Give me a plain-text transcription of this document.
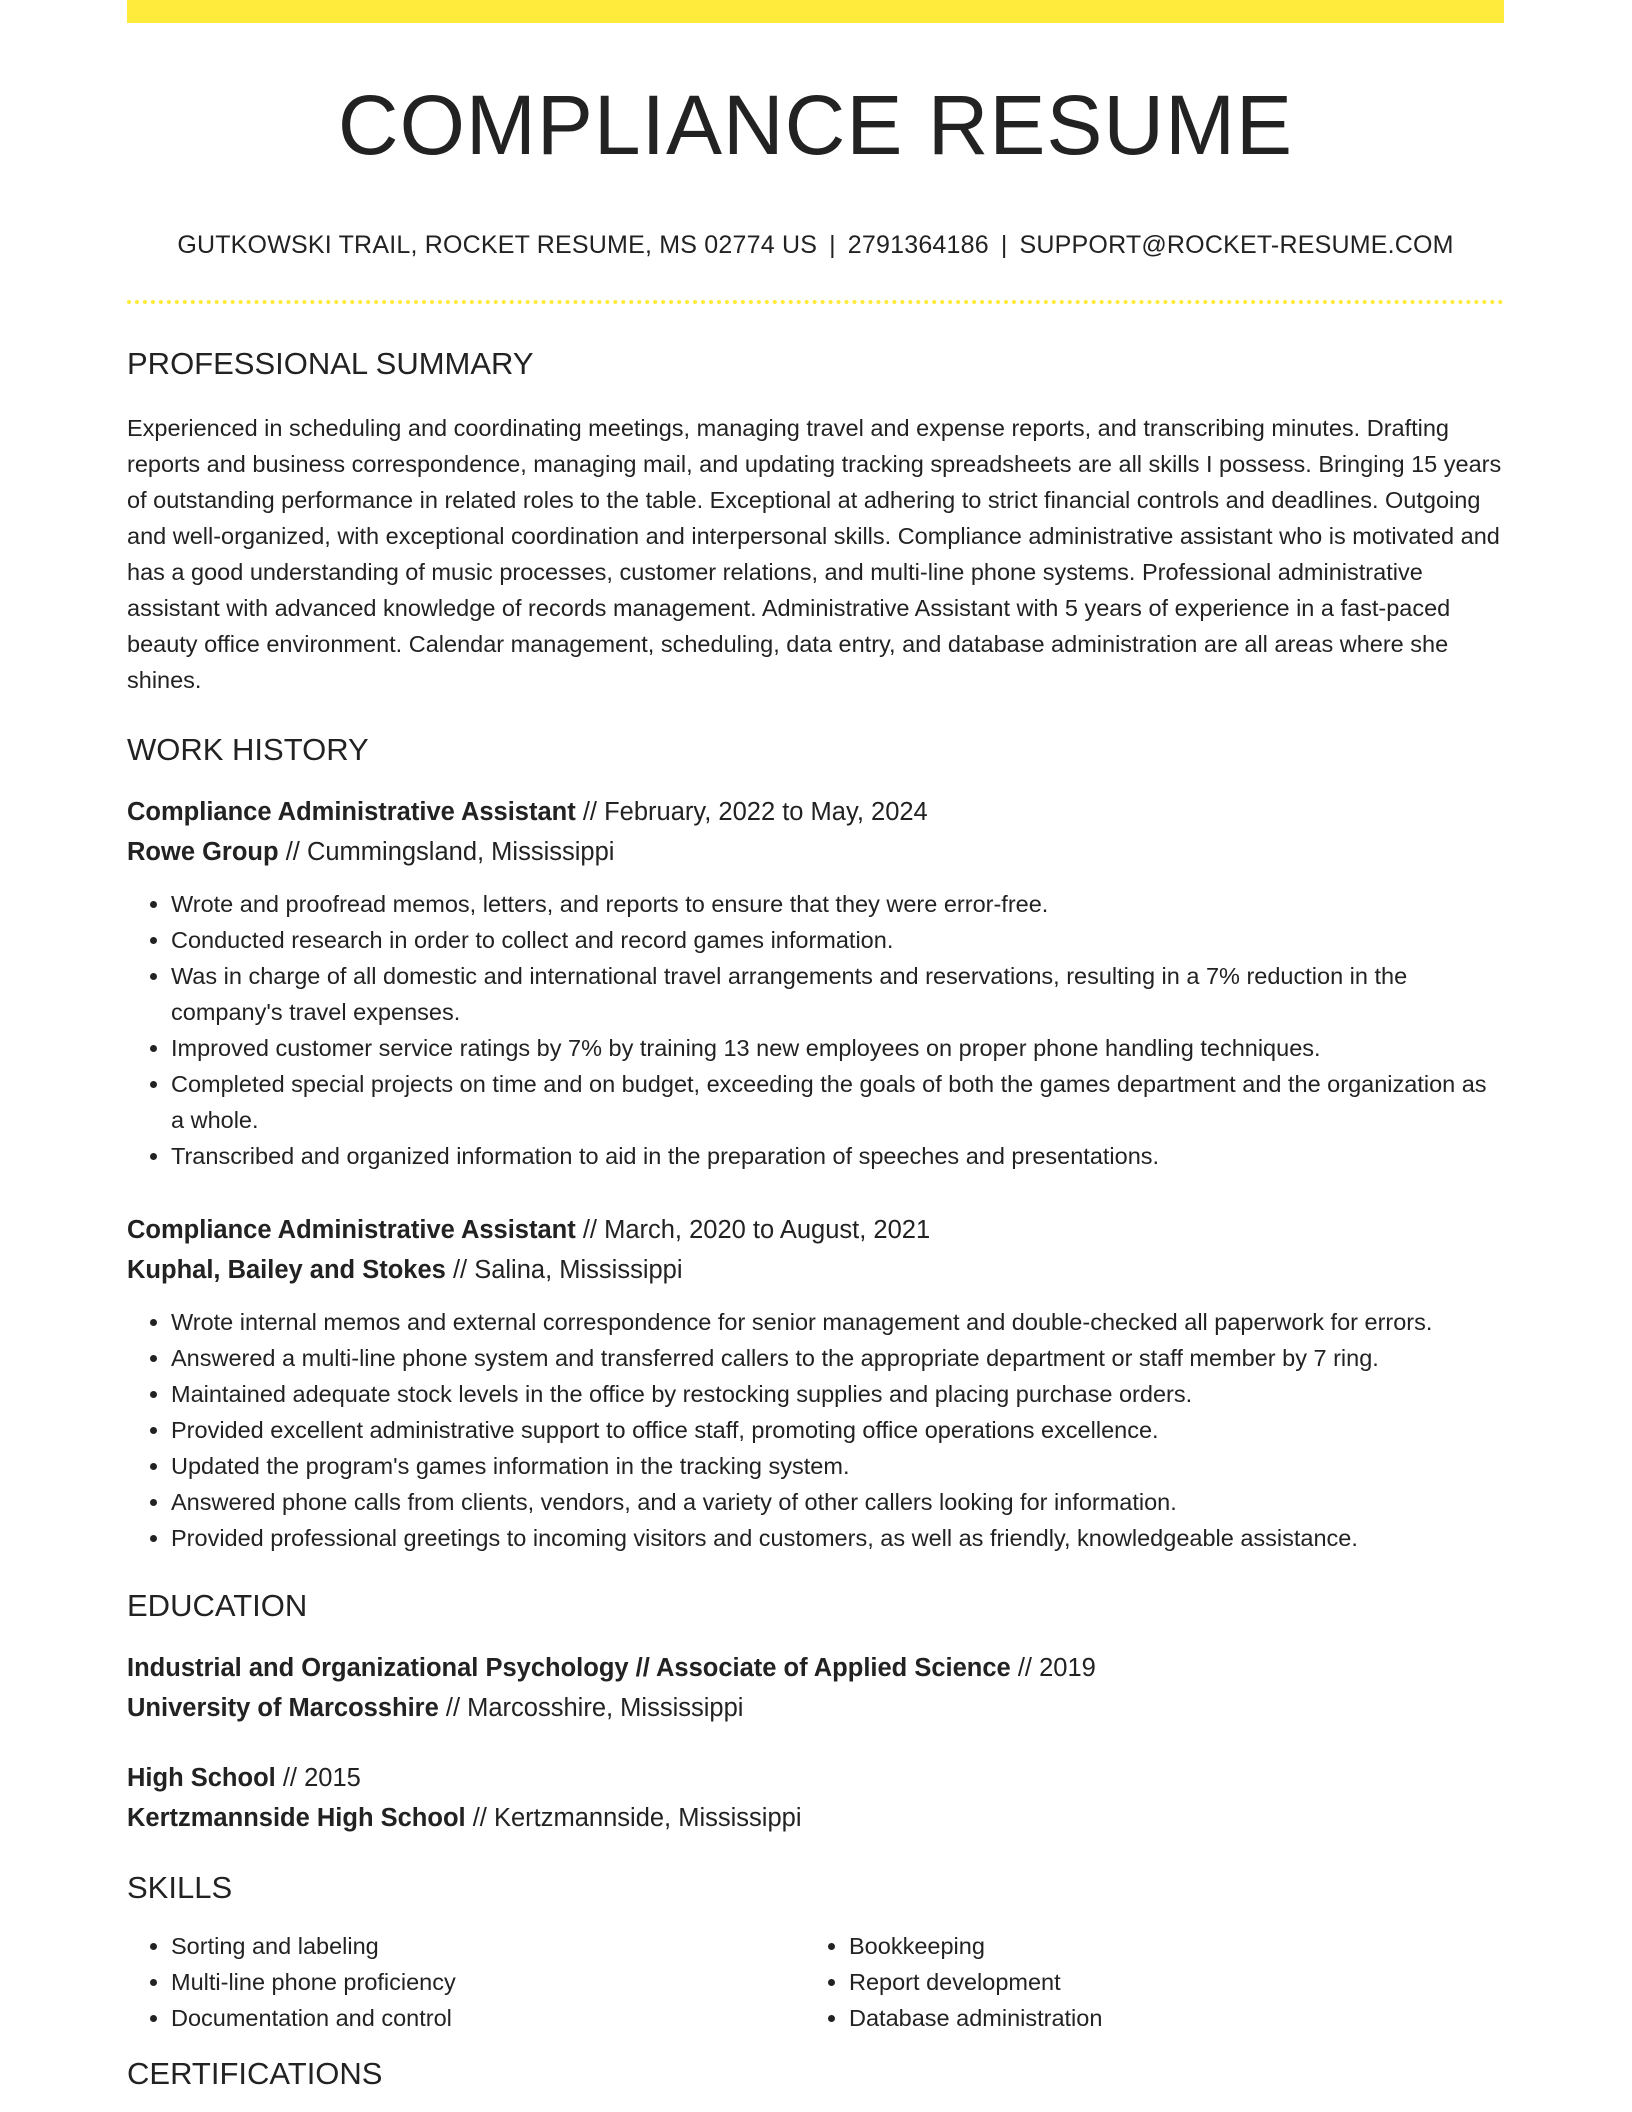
COMPLIANCE RESUME
GUTKOWSKI TRAIL, ROCKET RESUME, MS 02774 US | 2791364186 | SUPPORT@ROCKET-RESUME.COM
PROFESSIONAL SUMMARY
Experienced in scheduling and coordinating meetings, managing travel and expense reports, and transcribing minutes. Drafting reports and business correspondence, managing mail, and updating tracking spreadsheets are all skills I possess. Bringing 15 years of outstanding performance in related roles to the table. Exceptional at adhering to strict financial controls and deadlines. Outgoing and well-organized, with exceptional coordination and interpersonal skills. Compliance administrative assistant who is motivated and has a good understanding of music processes, customer relations, and multi-line phone systems. Professional administrative assistant with advanced knowledge of records management. Administrative Assistant with 5 years of experience in a fast-paced beauty office environment. Calendar management, scheduling, data entry, and database administration are all areas where she shines.
WORK HISTORY
Compliance Administrative Assistant // February, 2022 to May, 2024
Rowe Group // Cummingsland, Mississippi
• Wrote and proofread memos, letters, and reports to ensure that they were error-free.
• Conducted research in order to collect and record games information.
• Was in charge of all domestic and international travel arrangements and reservations, resulting in a 7% reduction in the company's travel expenses.
• Improved customer service ratings by 7% by training 13 new employees on proper phone handling techniques.
• Completed special projects on time and on budget, exceeding the goals of both the games department and the organization as a whole.
• Transcribed and organized information to aid in the preparation of speeches and presentations.
Compliance Administrative Assistant // March, 2020 to August, 2021
Kuphal, Bailey and Stokes // Salina, Mississippi
• Wrote internal memos and external correspondence for senior management and double-checked all paperwork for errors.
• Answered a multi-line phone system and transferred callers to the appropriate department or staff member by 7 ring.
• Maintained adequate stock levels in the office by restocking supplies and placing purchase orders.
• Provided excellent administrative support to office staff, promoting office operations excellence.
• Updated the program's games information in the tracking system.
• Answered phone calls from clients, vendors, and a variety of other callers looking for information.
• Provided professional greetings to incoming visitors and customers, as well as friendly, knowledgeable assistance.
EDUCATION
Industrial and Organizational Psychology // Associate of Applied Science // 2019
University of Marcosshire // Marcosshire, Mississippi
High School // 2015
Kertzmannside High School // Kertzmannside, Mississippi
SKILLS
• Sorting and labeling
• Multi-line phone proficiency
• Documentation and control
• Bookkeeping
• Report development
• Database administration
CERTIFICATIONS
